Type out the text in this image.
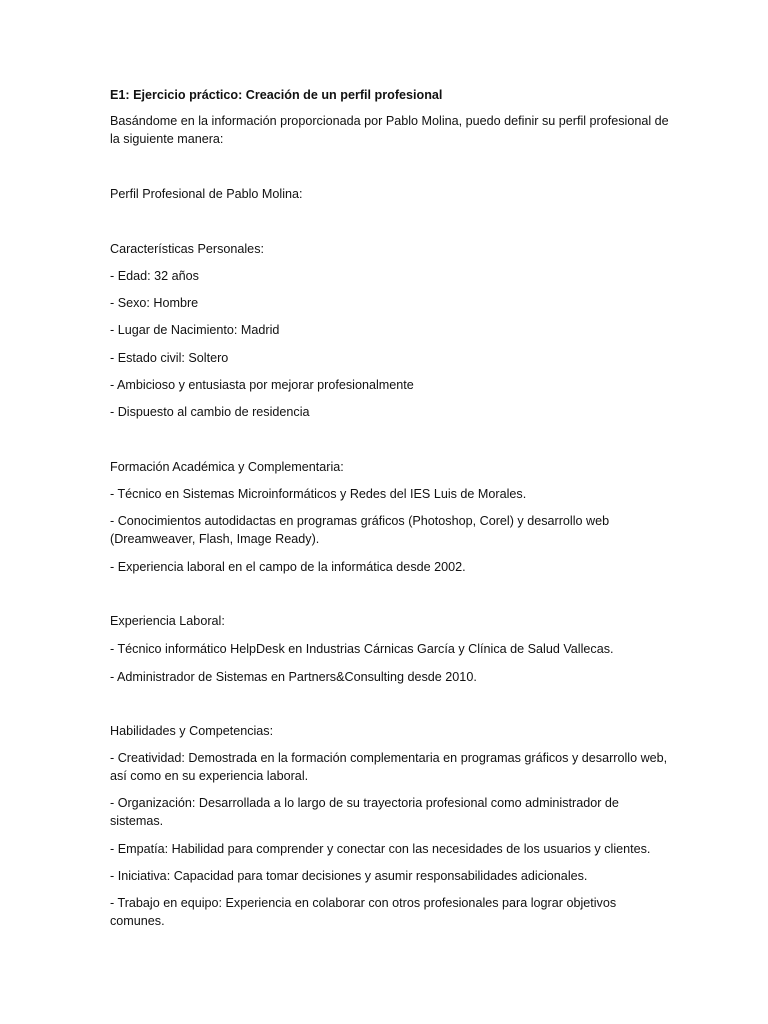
E1: Ejercicio práctico: Creación de un perfil profesional

Basándome en la información proporcionada por Pablo Molina, puedo definir su perfil profesional de la siguiente manera:

Perfil Profesional de Pablo Molina:

Características Personales:

- Edad: 32 años

- Sexo: Hombre

- Lugar de Nacimiento: Madrid

- Estado civil: Soltero

- Ambicioso y entusiasta por mejorar profesionalmente

- Dispuesto al cambio de residencia

Formación Académica y Complementaria:

- Técnico en Sistemas Microinformáticos y Redes del IES Luis de Morales.

- Conocimientos autodidactas en programas gráficos (Photoshop, Corel) y desarrollo web (Dreamweaver, Flash, Image Ready).

- Experiencia laboral en el campo de la informática desde 2002.

Experiencia Laboral:

- Técnico informático HelpDesk en Industrias Cárnicas García y Clínica de Salud Vallecas.

- Administrador de Sistemas en Partners&Consulting desde 2010.

Habilidades y Competencias:

- Creatividad: Demostrada en la formación complementaria en programas gráficos y desarrollo web, así como en su experiencia laboral.

- Organización: Desarrollada a lo largo de su trayectoria profesional como administrador de sistemas.

- Empatía: Habilidad para comprender y conectar con las necesidades de los usuarios y clientes.

- Iniciativa: Capacidad para tomar decisiones y asumir responsabilidades adicionales.

- Trabajo en equipo: Experiencia en colaborar con otros profesionales para lograr objetivos comunes.
